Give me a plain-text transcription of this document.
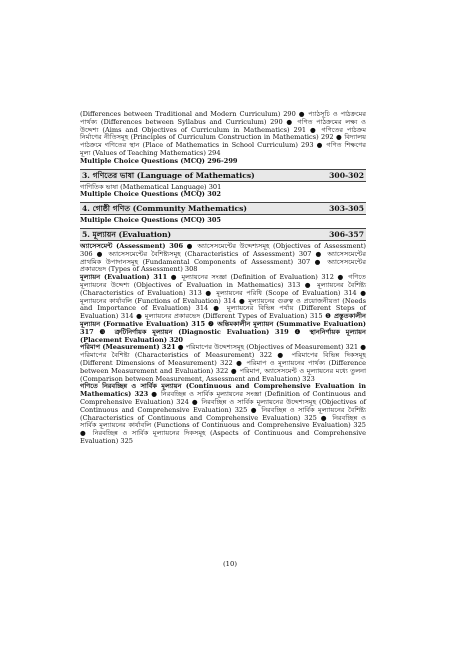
(Differences between Traditional and Modern Curriculum) 290 ● প্যাঠসূচি ও পাঠক্রমের পার্থক্য (Differences between Syllabus and Curriculum) 290 ● গণিত পাঠক্রমের লক্ষ্য ও উদ্দেশ্য (Aims and Objectives of Curriculum in Mathematics) 291 ● গণিতের পাঠক্রম নির্মাণের নীতিসমূহ (Principles of Curriculum Construction in Mathematics) 292 ● বিদ্যালয় পাঠক্রমে গণিতের স্থান (Place of Mathematics in School Curriculum) 293 ● গণিত শিক্ষণের মূল্য (Values of Teaching Mathematics) 294

Multiple Choice Questions (MCQ) 296-299

3. গণিতের ভাষা (Language of Mathematics)	300-302

গাণিতিক ভাষা (Mathematical Language) 301

Multiple Choice Questions (MCQ) 302

4. গোষ্ঠী গণিত (Community Mathematics)	303-305

Multiple Choice Questions (MCQ) 305

5. মূল্যায়ন (Evaluation)	306-357

অ্যাসেসমেন্ট (Assessment) 306 ● অ্যাসেসমেন্টের উদ্দেশ্যসমূহ (Objectives of Assessment) 306 ● অ্যাসেসমেন্টের বৈশিষ্ট্যসমূহ (Characteristics of Assessment) 307 ● অ্যাসেসমেন্টের প্রাথমিক উপাদানসমূহ (Fundamental Components of Assessment) 307 ● অ্যাসেসমেন্টের প্রকারভেদ (Types of Assessment) 308

মূল্যায়ন (Evaluation) 311 ● মূল্যায়নের সংজ্ঞা (Definition of Evaluation) 312 ● গণিতে মূল্যায়নের উদ্দেশ্য (Objectives of Evaluation in Mathematics) 313 ● মূল্যায়নের বৈশিষ্ট্য (Characteristics of Evaluation) 313 ● মূল্যায়নের পরিধি (Scope of Evaluation) 314 ● মূল্যায়নের কার্যাবলি (Functions of Evaluation) 314 ● মূল্যায়নের গুরুত্ব ও প্রয়োজনীয়তা (Needs and Importance of Evaluation) 314 ● মূল্যায়নের বিভিন্ন পর্যায় (Different Steps of Evaluation) 314 ● মূল্যায়নের প্রকারভেদ (Different Types of Evaluation) 315 ❶ প্রস্তুতকালীন মূল্যায়ন (Formative Evaluation) 315 ❷ অন্তিমকালীন মূল্যায়ন (Summative Evaluation) 317 ❸ ত্রুটিনির্ণায়ক মূল্যায়ন (Diagnostic Evaluation) 319 ❹ স্থাননির্ণায়ক মূল্যায়ন (Placement Evaluation) 320

পরিমাপ (Measurement) 321 ● পরিমাপের উদ্দেশ্যসমূহ (Objectives of Measurement) 321 ● পরিমাপের বৈশিষ্ট্য (Characteristics of Measurement) 322 ● পরিমাপের বিভিন্ন দিকসমূহ (Different Dimensions of Measurement) 322 ● পরিমাপ ও মূল্যায়নের পার্থক্য (Difference between Measurement and Evaluation) 322 ● পরিমাপ, অ্যাসেসমেন্ট ও মূল্যায়নের মধ্যে তুলনা (Comparison between Measurement, Assessment and Evaluation) 323

গণিতে নিরবচ্ছিন্ন ও সার্বিক মূল্যায়ন (Continuous and Comprehensive Evaluation in Mathematics) 323 ● নিরবচ্ছিন্ন ও সার্বিক মূল্যায়নের সংজ্ঞা (Definition of Continuous and Comprehensive Evaluation) 324 ● নিরবচ্ছিন্ন ও সার্বিক মূল্যায়নের উদ্দেশ্যসমূহ (Objectives of Continuous and Comprehensive Evaluation) 325 ● নিরবচ্ছিন্ন ও সার্বিক মূল্যায়নের বৈশিষ্ট্য (Characteristics of Continuous and Comprehensive Evaluation) 325 ● নিরবচ্ছিন্ন ও সার্বিক মূল্যায়নের কার্যাবলি (Functions of Continuous and Comprehensive Evaluation) 325 ● নিরবচ্ছিন্ন ও সার্বিক মূল্যায়নের দিকসমূহ (Aspects of Continuous and Comprehensive Evaluation) 325

(10)
